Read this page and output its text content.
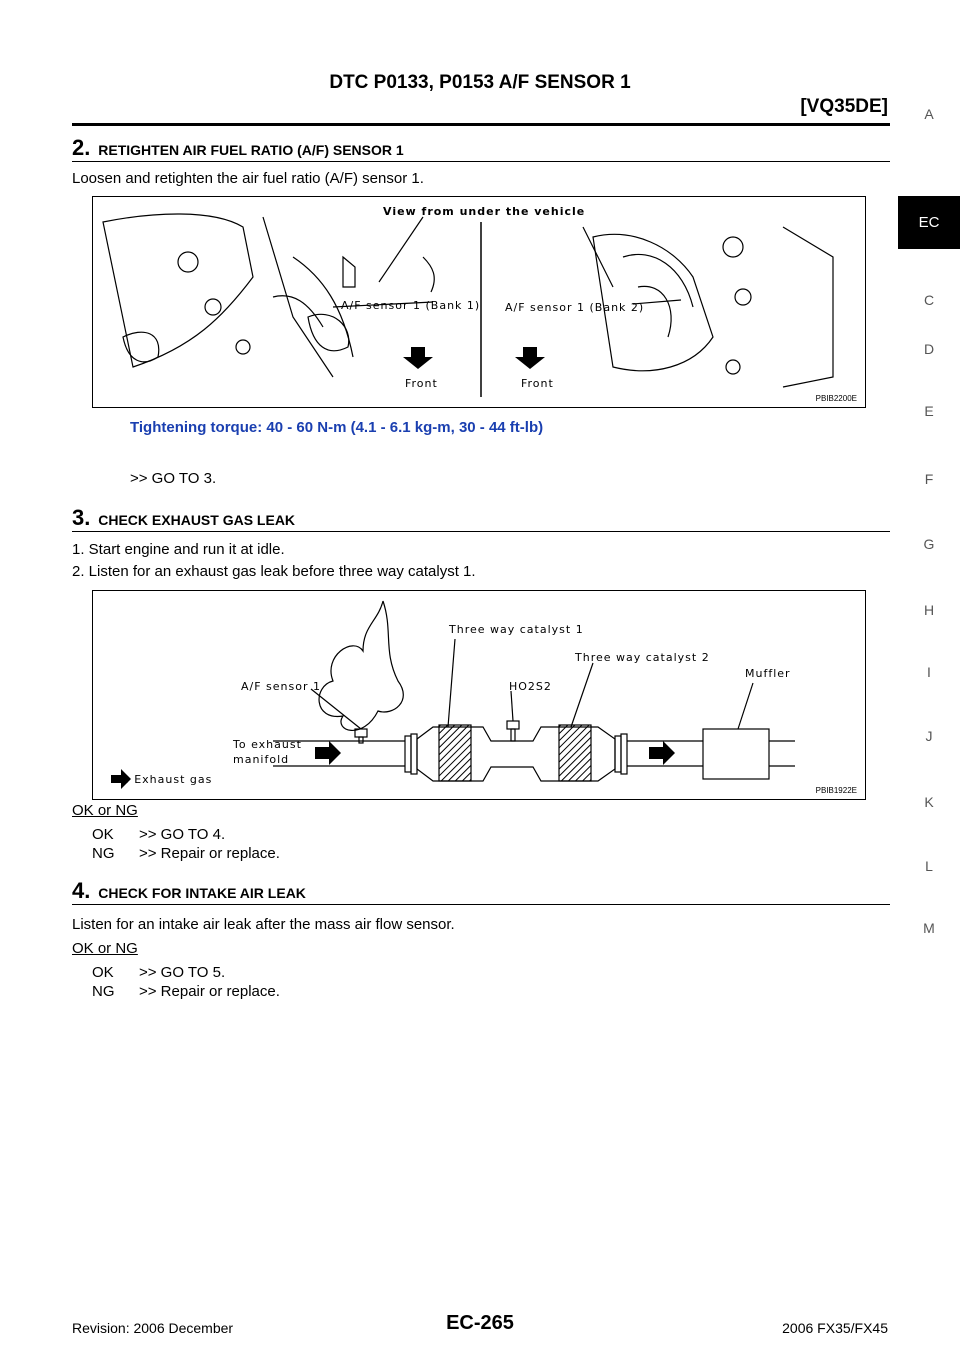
DTC P0133, P0153 A/F SENSOR 1
[VQ35DE]	A
EC
C
D
E
F
G
H
I
J
K
L
M
2. RETIGHTEN AIR FUEL RATIO (A/F) SENSOR 1
Loosen and retighten the air fuel ratio (A/F) sensor 1.
View from under the vehicle
A/F sensor 1 (Bank 1) A/F sensor 1 (Bank 2)
Front	Front
PBIB2200E
Tightening torque: 40 - 60 N-m (4.1 - 6.1 kg-m, 30 - 44 ft-lb)
>> GO TO 3.
3. CHECK EXHAUST GAS LEAK
1. Start engine and run it at idle.
2. Listen for an exhaust gas leak before three way catalyst 1.
Three way catalyst 1
Three way catalyst 2
Muffler
A/F sensor 1	HO2S2
To exhaust
manifold
: Exhaust gas
PBIB1922E
OK or NG
OK >> GO TO 4.
NG >> Repair or replace.
4. CHECK FOR INTAKE AIR LEAK
Listen for an intake air leak after the mass air flow sensor.
OK or NG
OK >> GO TO 5.
NG >> Repair or replace.
Revision: 2006 December	EC-265	2006 FX35/FX45
